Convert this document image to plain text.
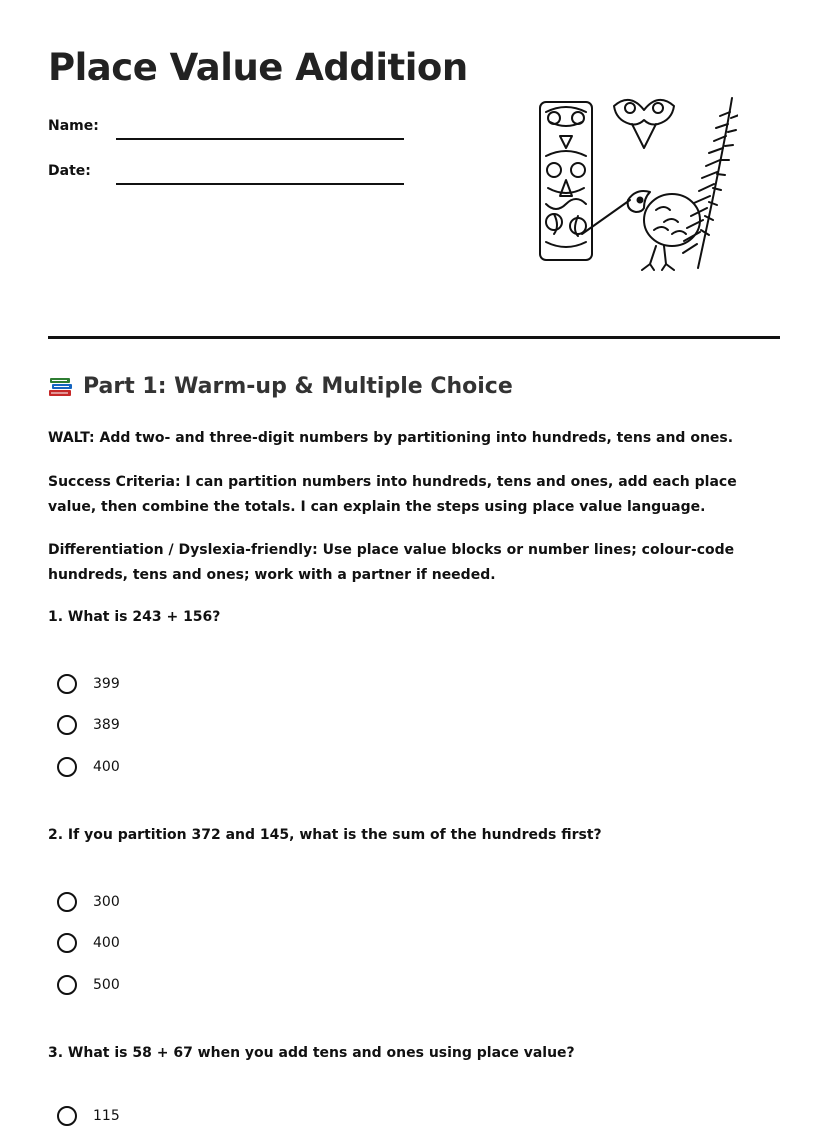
Place Value Addition
Name:
Date:
Part 1: Warm-up & Multiple Choice

WALT: Add two- and three-digit numbers by partitioning into hundreds, tens and ones.

Success Criteria: I can partition numbers into hundreds, tens and ones, add each place value, then combine the totals. I can explain the steps using place value language.

Differentiation / Dyslexia-friendly: Use place value blocks or number lines; colour-code hundreds, tens and ones; work with a partner if needed.

1. What is 243 + 156?

399
389
400

2. If you partition 372 and 145, what is the sum of the hundreds first?

300
400
500

3. What is 58 + 67 when you add tens and ones using place value?

115
